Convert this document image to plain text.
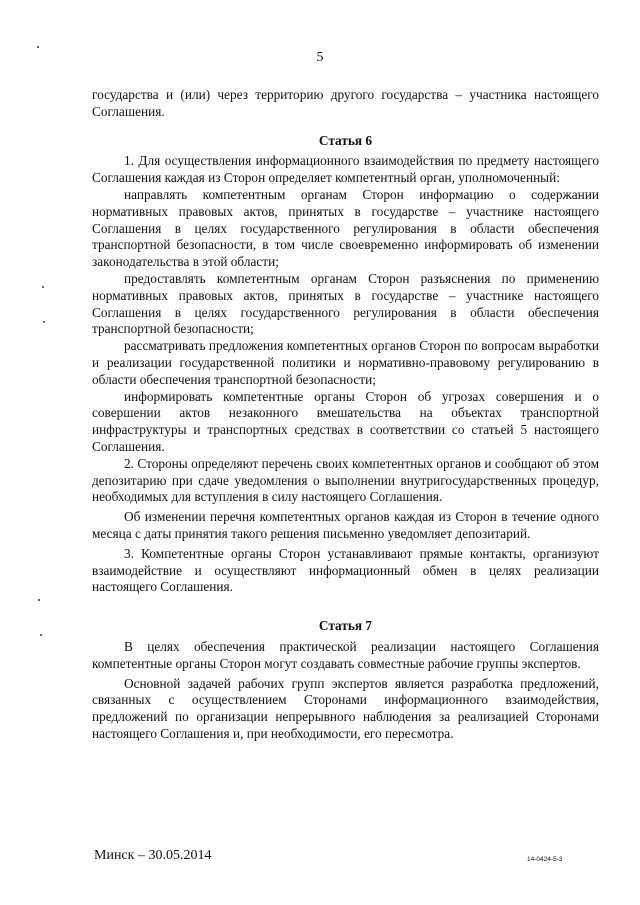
5

государства и (или) через территорию другого государства – участника настоящего Соглашения.

Статья 6

1. Для осуществления информационного взаимодействия по предмету настоящего Соглашения каждая из Сторон определяет компетентный орган, уполномоченный:

направлять компетентным органам Сторон информацию о содержании нормативных правовых актов, принятых в государстве – участнике настоящего Соглашения в целях государственного регулирования в области обеспечения транспортной безопасности, в том числе своевременно информировать об изменении законодательства в этой области;

предоставлять компетентным органам Сторон разъяснения по применению нормативных правовых актов, принятых в государстве – участнике настоящего Соглашения в целях государственного регулирования в области обеспечения транспортной безопасности;

рассматривать предложения компетентных органов Сторон по вопросам выработки и реализации государственной политики и нормативно-правовому регулированию в области обеспечения транспортной безопасности;

информировать компетентные органы Сторон об угрозах совершения и о совершении актов незаконного вмешательства на объектах транспортной инфраструктуры и транспортных средствах в соответствии со статьей 5 настоящего Соглашения.

2. Стороны определяют перечень своих компетентных органов и сообщают об этом депозитарию при сдаче уведомления о выполнении внутригосударственных процедур, необходимых для вступления в силу настоящего Соглашения.

Об изменении перечня компетентных органов каждая из Сторон в течение одного месяца с даты принятия такого решения письменно уведомляет депозитарий.

3. Компетентные органы Сторон устанавливают прямые контакты, организуют взаимодействие и осуществляют информационный обмен в целях реализации настоящего Соглашения.

Статья 7

В целях обеспечения практической реализации настоящего Соглашения компетентные органы Сторон могут создавать совместные рабочие группы экспертов.

Основной задачей рабочих групп экспертов является разработка предложений, связанных с осуществлением Сторонами информационного взаимодействия, предложений по организации непрерывного наблюдения за реализацией Сторонами настоящего Соглашения и, при необходимости, его пересмотра.

Минск – 30.05.2014	14-0424-5-3
